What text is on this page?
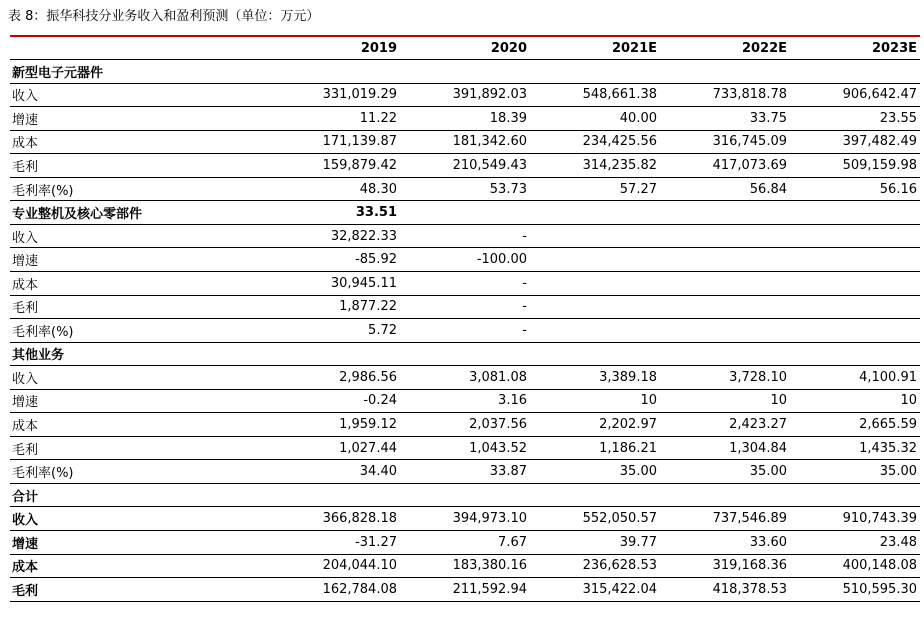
表 8：振华科技分业务收入和盈利预测（单位：万元）
	2019	2020	2021E	2022E	2023E
新型电子元器件					
收入	331,019.29	391,892.03	548,661.38	733,818.78	906,642.47
增速	11.22	18.39	40.00	33.75	23.55
成本	171,139.87	181,342.60	234,425.56	316,745.09	397,482.49
毛利	159,879.42	210,549.43	314,235.82	417,073.69	509,159.98
毛利率(%)	48.30	53.73	57.27	56.84	56.16
专业整机及核心零部件	33.51				
收入	32,822.33	-			
增速	-85.92	-100.00			
成本	30,945.11	-			
毛利	1,877.22	-			
毛利率(%)	5.72	-			
其他业务					
收入	2,986.56	3,081.08	3,389.18	3,728.10	4,100.91
增速	-0.24	3.16	10	10	10
成本	1,959.12	2,037.56	2,202.97	2,423.27	2,665.59
毛利	1,027.44	1,043.52	1,186.21	1,304.84	1,435.32
毛利率(%)	34.40	33.87	35.00	35.00	35.00
合计					
收入	366,828.18	394,973.10	552,050.57	737,546.89	910,743.39
增速	-31.27	7.67	39.77	33.60	23.48
成本	204,044.10	183,380.16	236,628.53	319,168.36	400,148.08
毛利	162,784.08	211,592.94	315,422.04	418,378.53	510,595.30
